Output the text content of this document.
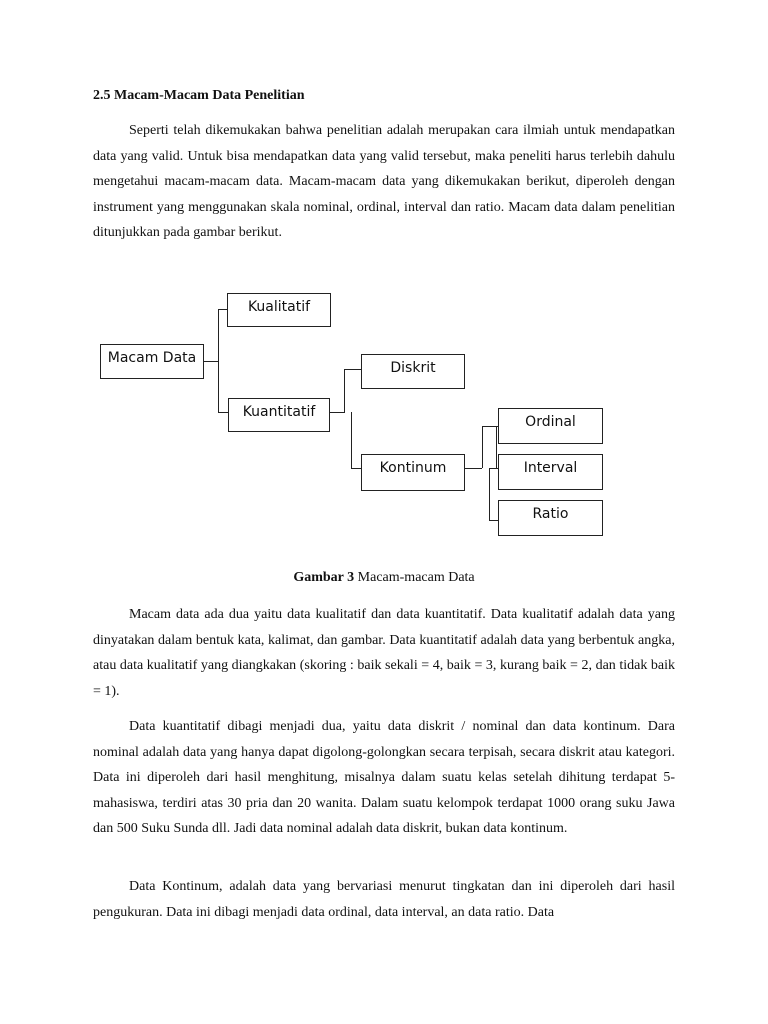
2.5 Macam-Macam Data Penelitian

Seperti telah dikemukakan bahwa penelitian adalah merupakan cara ilmiah untuk mendapatkan data yang valid. Untuk bisa mendapatkan data yang valid tersebut, maka peneliti harus terlebih dahulu mengetahui macam-macam data. Macam-macam data yang dikemukakan berikut, diperoleh dengan instrument yang menggunakan skala nominal, ordinal, interval dan ratio. Macam data dalam penelitian ditunjukkan pada gambar berikut.

Macam Data
Kualitatif
Kuantitatif
Diskrit
Kontinum
Ordinal
Interval
Ratio

Gambar 3 Macam-macam Data

Macam data ada dua yaitu data kualitatif dan data kuantitatif. Data kualitatif adalah data yang dinyatakan dalam bentuk kata, kalimat, dan gambar. Data kuantitatif adalah data yang berbentuk angka, atau data kualitatif yang diangkakan (skoring : baik sekali = 4, baik = 3, kurang baik = 2, dan tidak baik = 1).

Data kuantitatif dibagi menjadi dua, yaitu data diskrit / nominal dan data kontinum. Dara nominal adalah data yang hanya dapat digolong-golongkan secara terpisah, secara diskrit atau kategori. Data ini diperoleh dari hasil menghitung, misalnya dalam suatu kelas setelah dihitung terdapat 5- mahasiswa, terdiri atas 30 pria dan 20 wanita. Dalam suatu kelompok terdapat 1000 orang suku Jawa dan 500 Suku Sunda dll. Jadi data nominal adalah data diskrit, bukan data kontinum.

Data Kontinum, adalah data yang bervariasi menurut tingkatan dan ini diperoleh dari hasil pengukuran. Data ini dibagi menjadi data ordinal, data interval, an data ratio. Data
